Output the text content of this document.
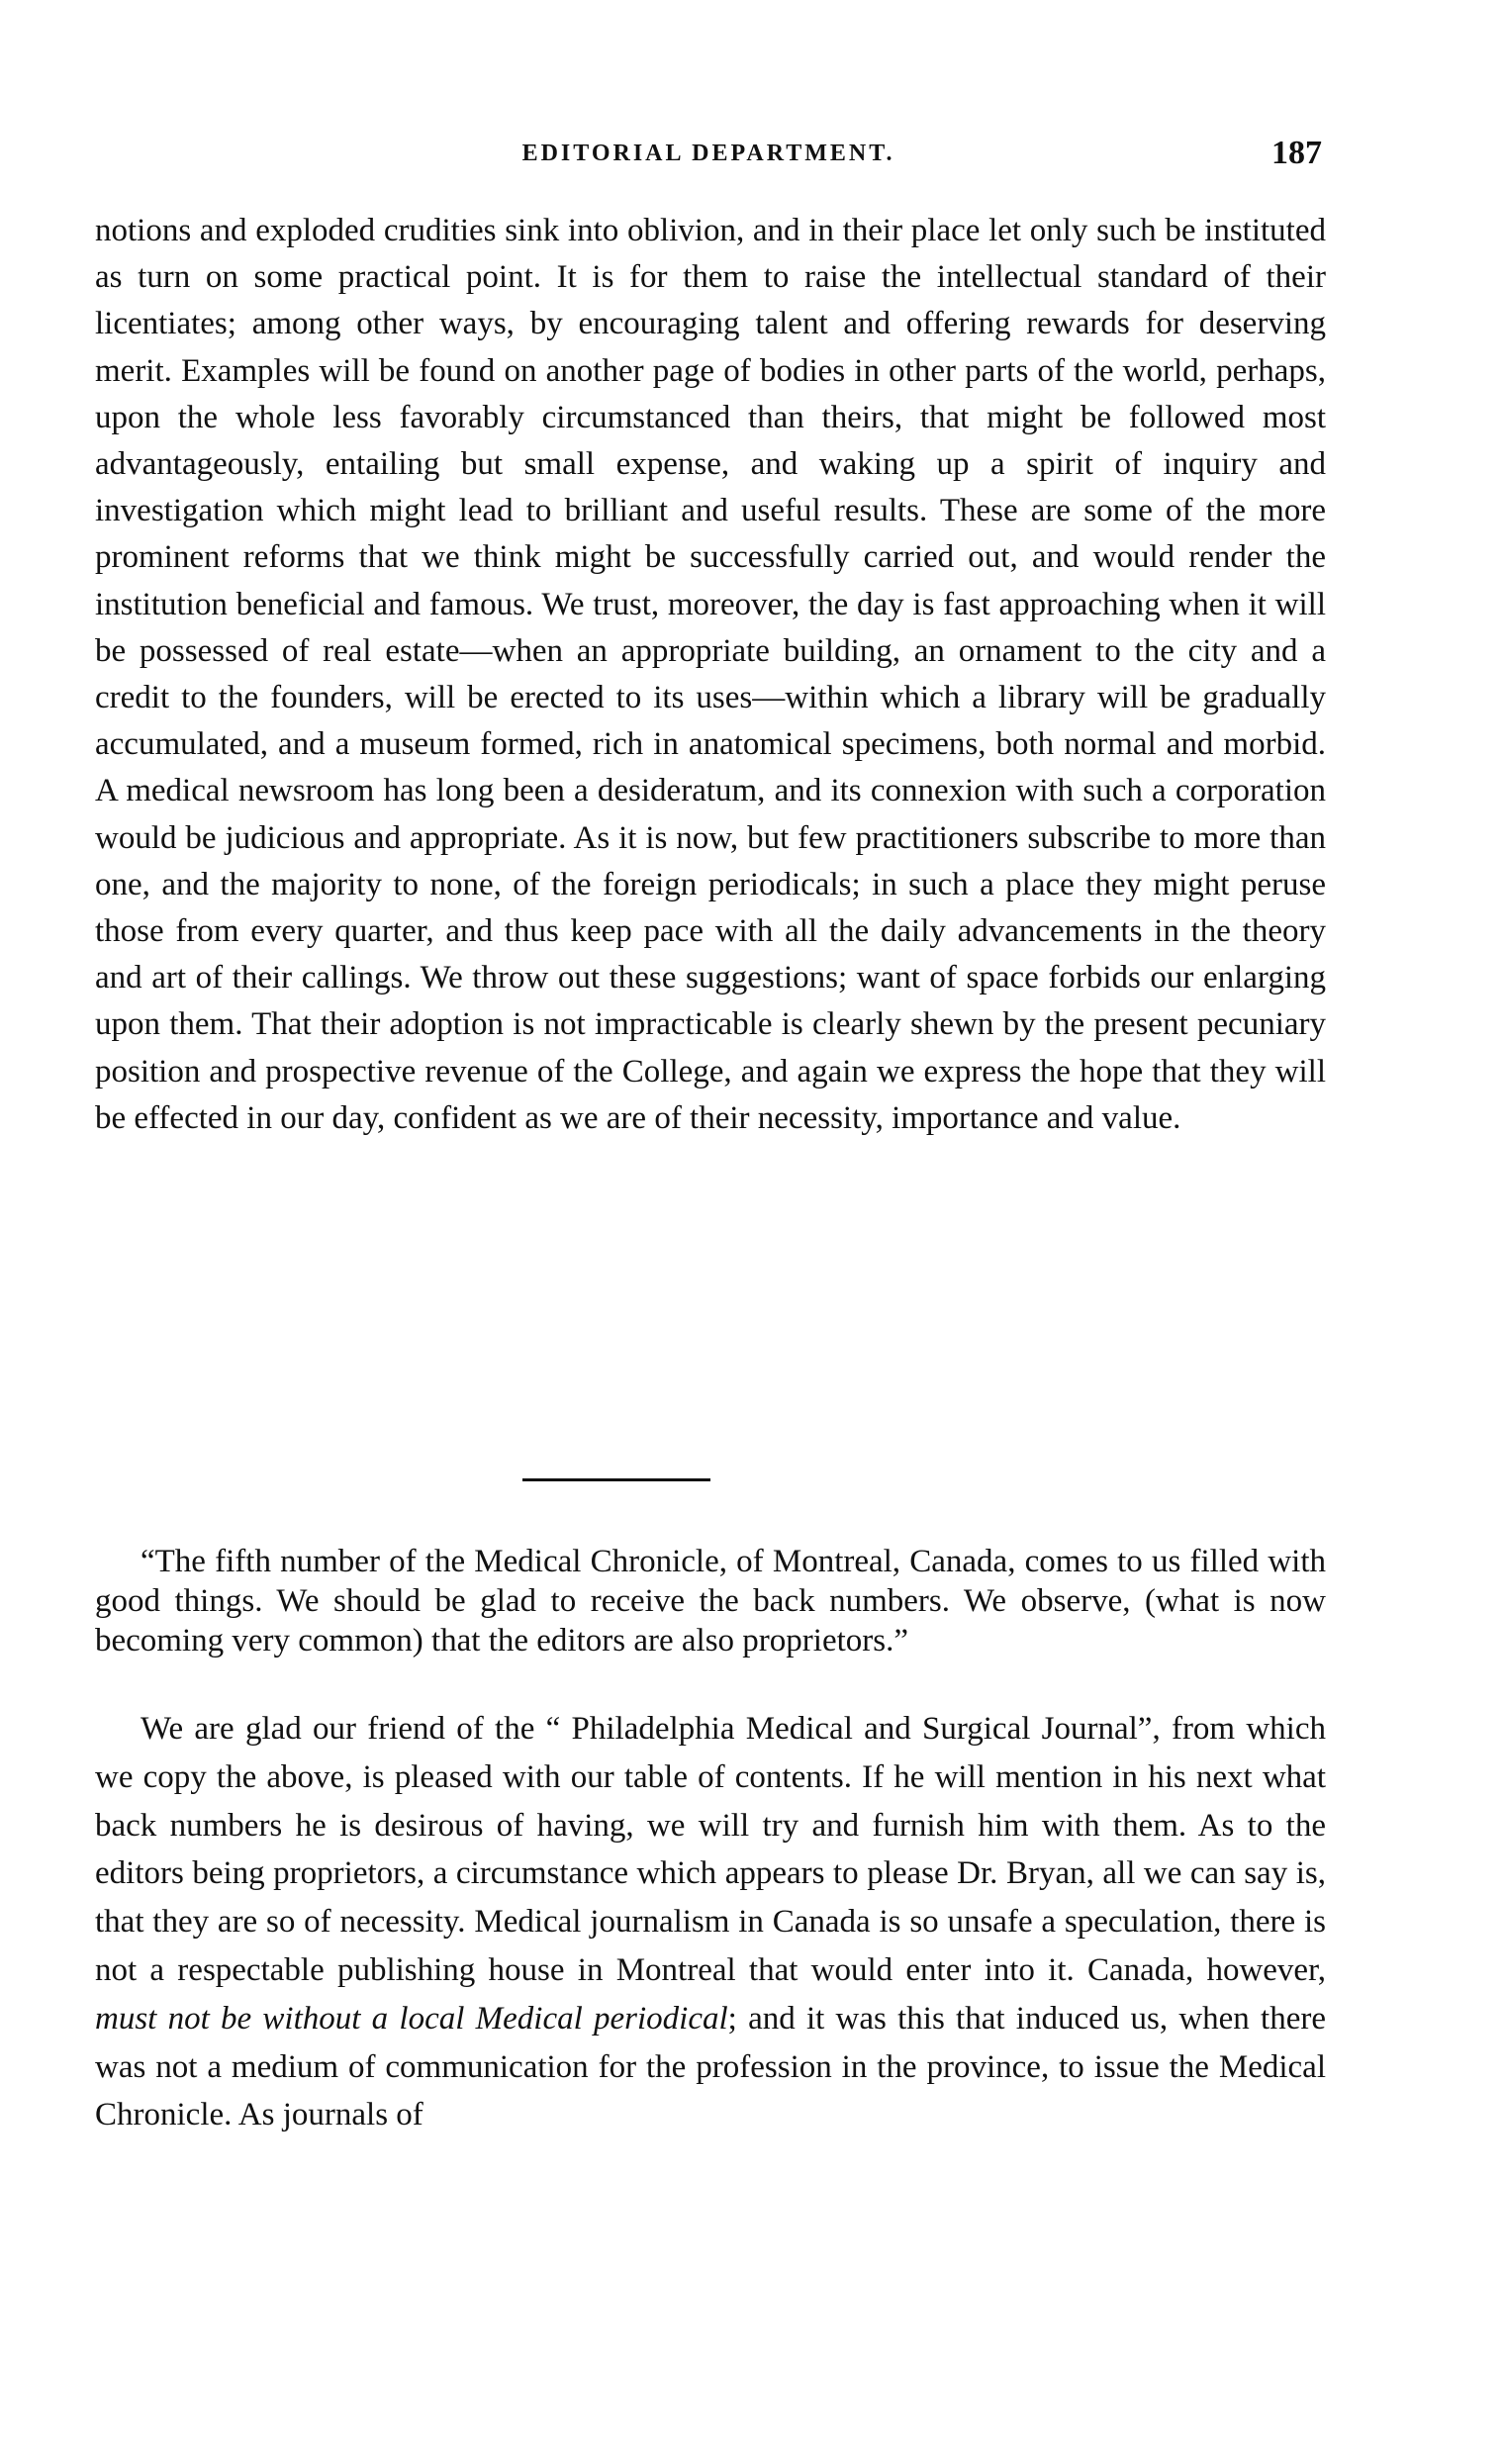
EDITORIAL DEPARTMENT.	187

notions and exploded crudities sink into oblivion, and in their place let only such be instituted as turn on some practical point. It is for them to raise the intellectual standard of their licentiates; among other ways, by encouraging talent and offering rewards for deserving merit. Examples will be found on another page of bodies in other parts of the world, perhaps, upon the whole less favorably circumstanced than theirs, that might be followed most advantageously, entailing but small expense, and waking up a spirit of inquiry and investigation which might lead to brilliant and useful results. These are some of the more prominent reforms that we think might be successfully carried out, and would render the institution beneficial and famous. We trust, moreover, the day is fast approaching when it will be possessed of real estate—when an appropriate building, an ornament to the city and a credit to the founders, will be erected to its uses—within which a library will be gradually accumulated, and a museum formed, rich in anatomical specimens, both normal and morbid. A medical newsroom has long been a desideratum, and its connexion with such a corporation would be judicious and appropriate. As it is now, but few practitioners subscribe to more than one, and the majority to none, of the foreign periodicals; in such a place they might peruse those from every quarter, and thus keep pace with all the daily advancements in the theory and art of their callings. We throw out these suggestions; want of space forbids our enlarging upon them. That their adoption is not impracticable is clearly shewn by the present pecuniary position and prospective revenue of the College, and again we express the hope that they will be effected in our day, confident as we are of their necessity, importance and value.

“The fifth number of the Medical Chronicle, of Montreal, Canada, comes to us filled with good things. We should be glad to receive the back numbers. We observe, (what is now becoming very common) that the editors are also proprietors.”

We are glad our friend of the “ Philadelphia Medical and Surgical Journal”, from which we copy the above, is pleased with our table of contents. If he will mention in his next what back numbers he is desirous of having, we will try and furnish him with them. As to the editors being proprietors, a circumstance which appears to please Dr. Bryan, all we can say is, that they are so of necessity. Medical journalism in Canada is so unsafe a speculation, there is not a respectable publishing house in Montreal that would enter into it. Canada, however, must not be without a local Medical periodical; and it was this that induced us, when there was not a medium of communication for the profession in the province, to issue the Medical Chronicle. As journals of
